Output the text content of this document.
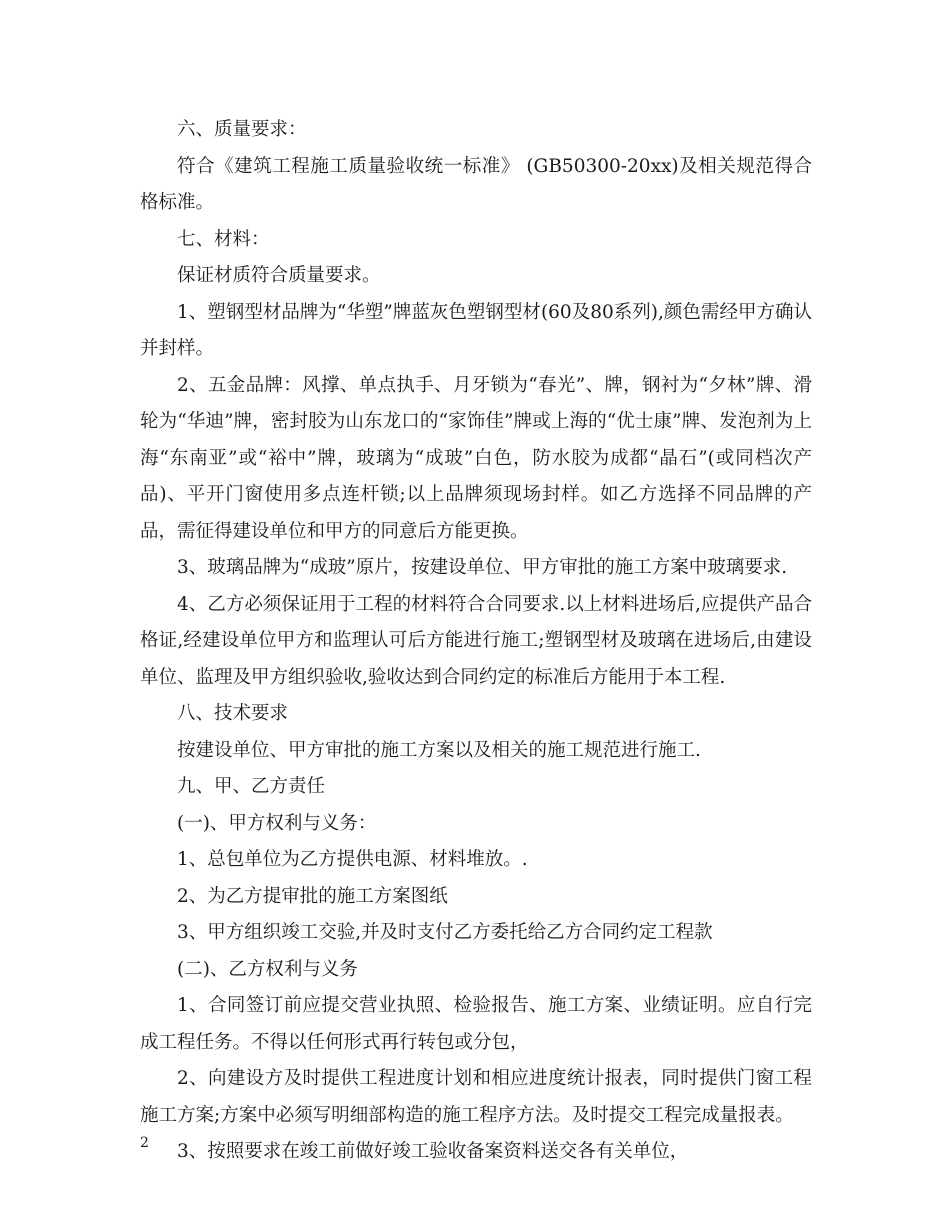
六、质量要求：

符合《建筑工程施工质量验收统一标准》 (GB50300-20xx)及相关规范得合格标准。

七、材料：

保证材质符合质量要求。

1、塑钢型材品牌为“华塑”牌蓝灰色塑钢型材(60及80系列),颜色需经甲方确认并封样。

2、五金品牌：风撑、单点执手、月牙锁为“春光”、牌，钢衬为“夕林”牌、滑轮为“华迪”牌，密封胶为山东龙口的“家饰佳”牌或上海的“优士康”牌、发泡剂为上海“东南亚”或“裕中”牌，玻璃为“成玻”白色，防水胶为成都“晶石”(或同档次产品)、平开门窗使用多点连杆锁;以上品牌须现场封样。如乙方选择不同品牌的产品，需征得建设单位和甲方的同意后方能更换。

3、玻璃品牌为“成玻”原片，按建设单位、甲方审批的施工方案中玻璃要求.

4、乙方必须保证用于工程的材料符合合同要求.以上材料进场后,应提供产品合格证,经建设单位甲方和监理认可后方能进行施工;塑钢型材及玻璃在进场后,由建设单位、监理及甲方组织验收,验收达到合同约定的标准后方能用于本工程.

八、技术要求

按建设单位、甲方审批的施工方案以及相关的施工规范进行施工.

九、甲、乙方责任

(一)、甲方权利与义务：

1、总包单位为乙方提供电源、材料堆放。.

2、为乙方提审批的施工方案图纸

3、甲方组织竣工交验,并及时支付乙方委托给乙方合同约定工程款

(二)、乙方权利与义务

1、合同签订前应提交营业执照、检验报告、施工方案、业绩证明。应自行完成工程任务。不得以任何形式再行转包或分包，

2、向建设方及时提供工程进度计划和相应进度统计报表，同时提供门窗工程施工方案;方案中必须写明细部构造的施工程序方法。及时提交工程完成量报表。

3、按照要求在竣工前做好竣工验收备案资料送交各有关单位，

2
